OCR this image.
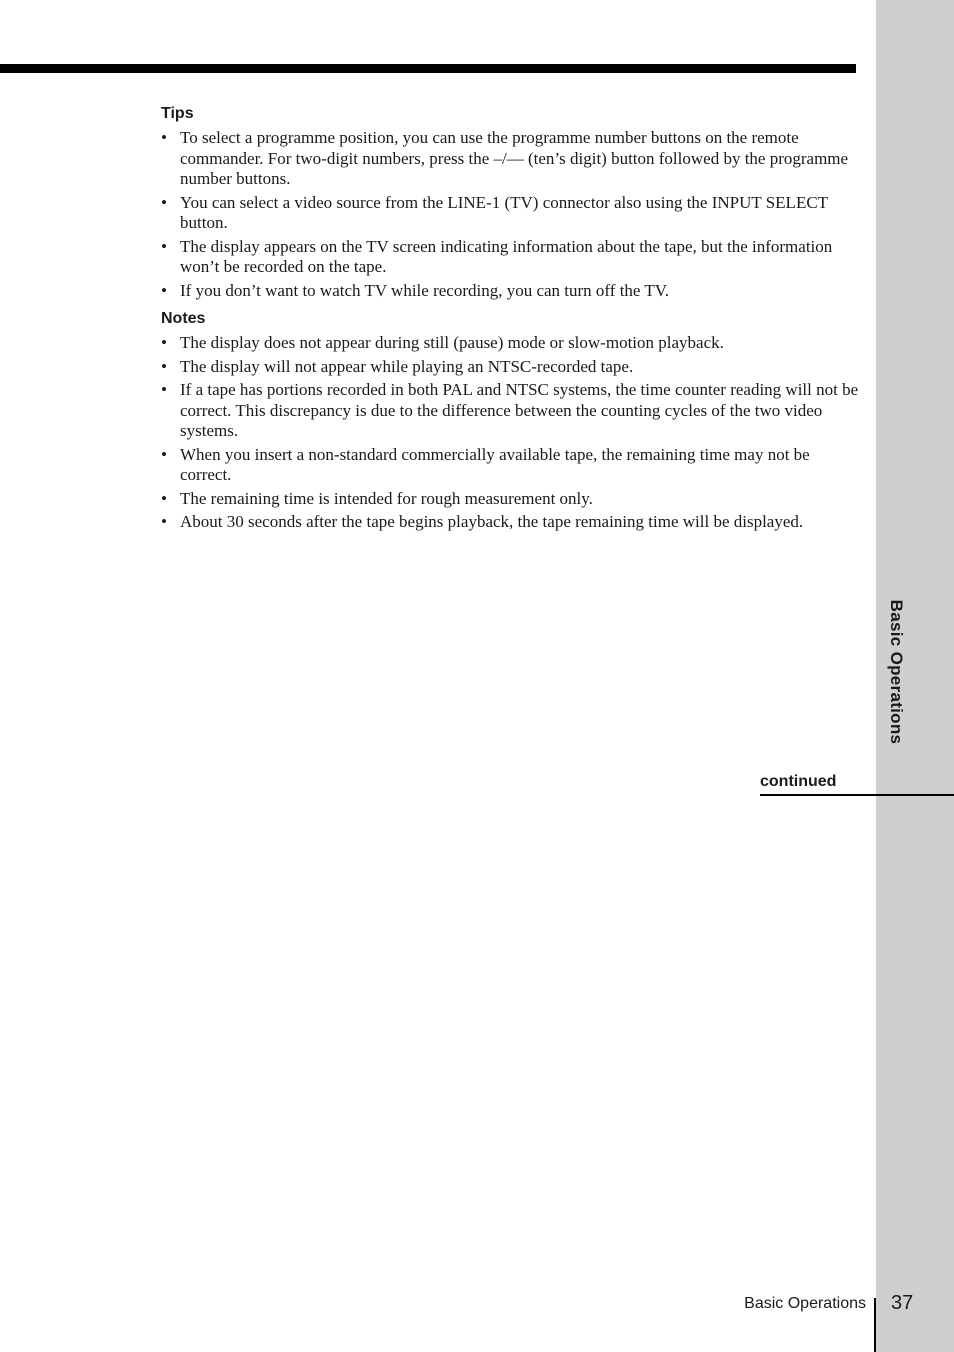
Basic Operations
Tips
• To select a programme position, you can use the programme number buttons on the remote commander. For two-digit numbers, press the –/–– (ten’s digit) button followed by the programme number buttons.
• You can select a video source from the LINE-1 (TV) connector also using the INPUT SELECT button.
• The display appears on the TV screen indicating information about the tape, but the information won’t be recorded on the tape.
• If you don’t want to watch TV while recording, you can turn off the TV.
Notes
• The display does not appear during still (pause) mode or slow-motion playback.
• The display will not appear while playing an NTSC-recorded tape.
• If a tape has portions recorded in both PAL and NTSC systems, the time counter reading will not be correct. This discrepancy is due to the difference between the counting cycles of the two video systems.
• When you insert a non-standard commercially available tape, the remaining time may not be correct.
• The remaining time is intended for rough measurement only.
• About 30 seconds after the tape begins playback, the tape remaining time will be displayed.
continued
Basic Operations 37
